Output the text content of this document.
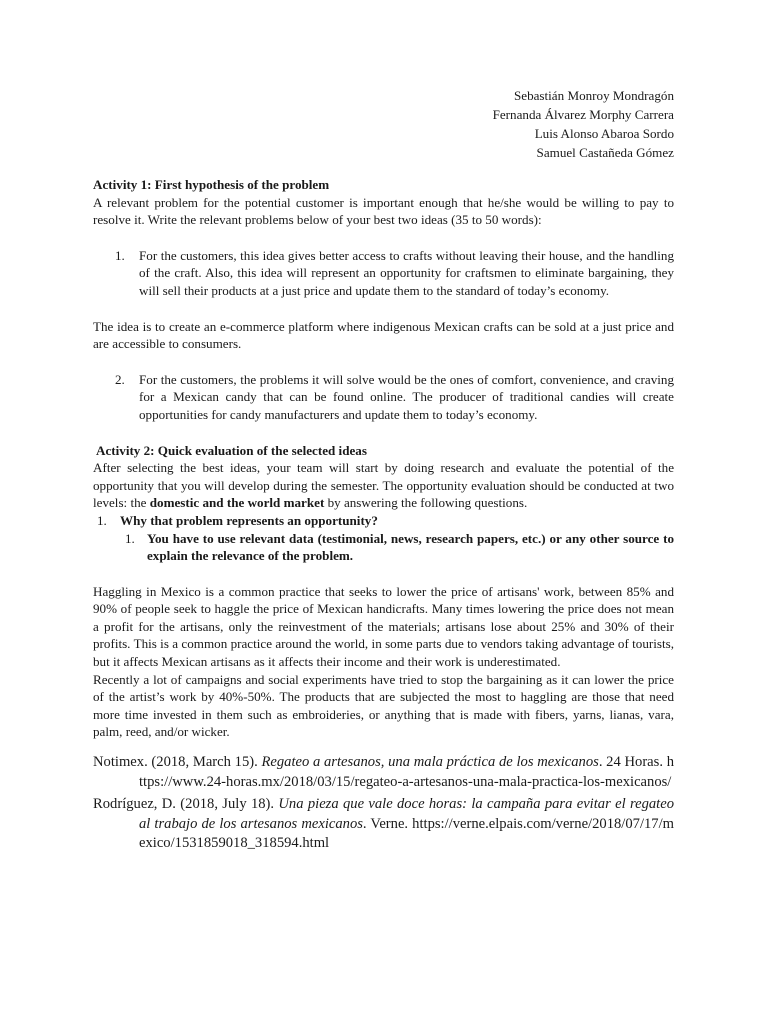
Sebastián Monroy Mondragón
Fernanda Álvarez Morphy Carrera
Luis Alonso Abaroa Sordo
Samuel Castañeda Gómez
Activity 1: First hypothesis of the problem
A relevant problem for the potential customer is important enough that he/she would be willing to pay to resolve it. Write the relevant problems below of your best two ideas (35 to 50 words):
1. For the customers, this idea gives better access to crafts without leaving their house, and the handling of the craft. Also, this idea will represent an opportunity for craftsmen to eliminate bargaining, they will sell their products at a just price and update them to the standard of today’s economy.
The idea is to create an e-commerce platform where indigenous Mexican crafts can be sold at a just price and are accessible to consumers.
2. For the customers, the problems it will solve would be the ones of comfort, convenience, and craving for a Mexican candy that can be found online. The producer of traditional candies will create opportunities for candy manufacturers and update them to today’s economy.
Activity 2: Quick evaluation of the selected ideas
After selecting the best ideas, your team will start by doing research and evaluate the potential of the opportunity that you will develop during the semester. The opportunity evaluation should be conducted at two levels: the domestic and the world market by answering the following questions.
1. Why that problem represents an opportunity?
1. You have to use relevant data (testimonial, news, research papers, etc.) or any other source to explain the relevance of the problem.
Haggling in Mexico is a common practice that seeks to lower the price of artisans' work, between 85% and 90% of people seek to haggle the price of Mexican handicrafts. Many times lowering the price does not mean a profit for the artisans, only the reinvestment of the materials; artisans lose about 25% and 30% of their profits. This is a common practice around the world, in some parts due to vendors taking advantage of tourists, but it affects Mexican artisans as it affects their income and their work is underestimated.
Recently a lot of campaigns and social experiments have tried to stop the bargaining as it can lower the price of the artist’s work by 40%-50%. The products that are subjected the most to haggling are those that need more time invested in them such as embroideries, or anything that is made with fibers, yarns, lianas, vara, palm, reed, and/or wicker.
Notimex. (2018, March 15). Regateo a artesanos, una mala práctica de los mexicanos. 24 Horas. https://www.24-horas.mx/2018/03/15/regateo-a-artesanos-una-mala-practica-los-mexicanos/
Rodríguez, D. (2018, July 18). Una pieza que vale doce horas: la campaña para evitar el regateo al trabajo de los artesanos mexicanos. Verne. https://verne.elpais.com/verne/2018/07/17/mexico/1531859018_318594.html
